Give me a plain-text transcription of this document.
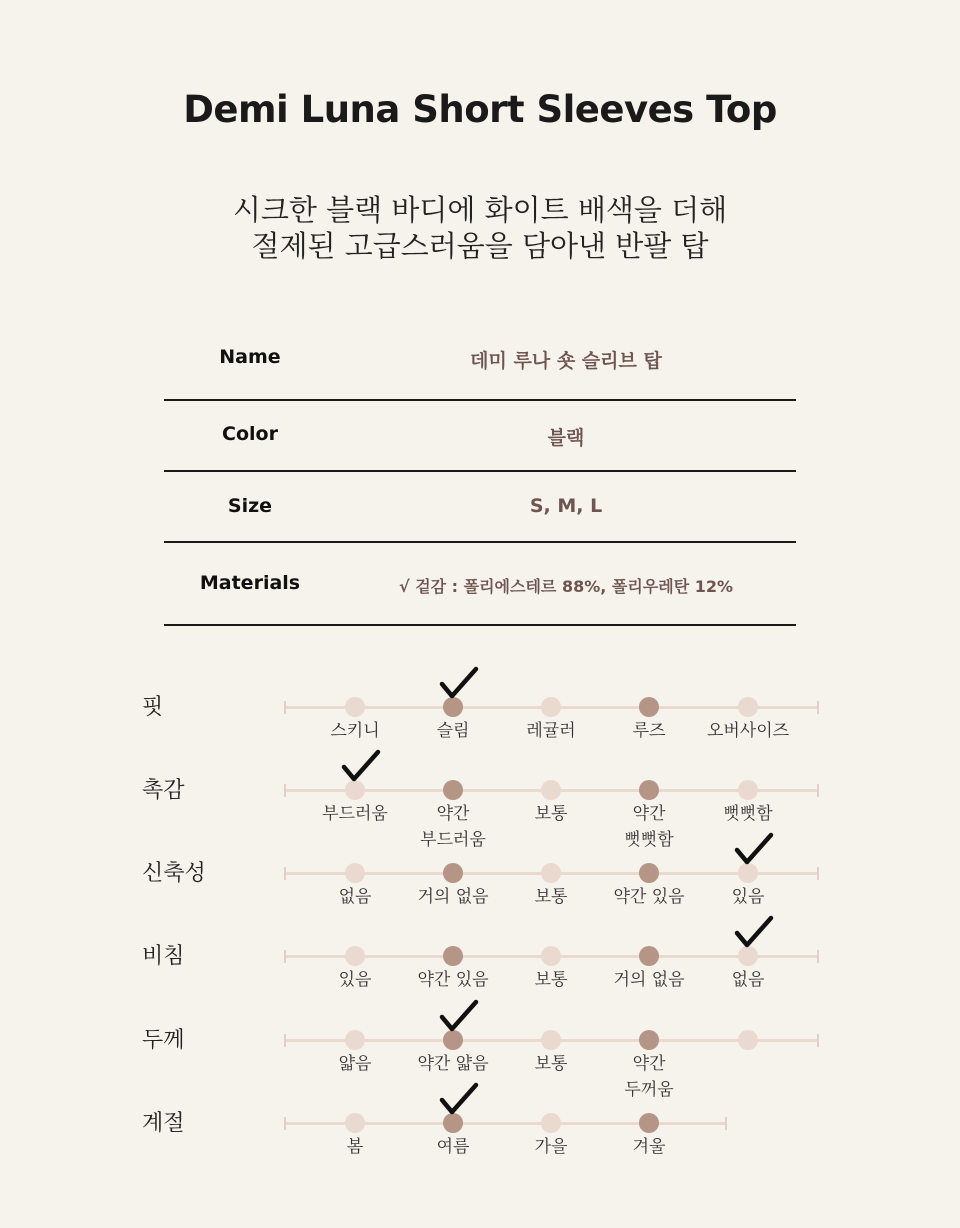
Demi Luna Short Sleeves Top
시크한 블랙 바디에 화이트 배색을 더해
절제된 고급스러움을 담아낸 반팔 탑
Name	데미 루나 숏 슬리브 탑
Color	블랙
Size	S, M, L
Materials	√ 겉감 : 폴리에스테르 88%, 폴리우레탄 12%
핏
스키니	슬림	레귤러	루즈	오버사이즈
촉감
부드러움	약간
부드러움
보통	약간
뻣뻣함
뻣뻣함
신축성
없음	거의 없음	보통	약간 있음	있음
비침
있음	약간 있음	보통	거의 없음	없음
두께
얇음	약간 얇음	보통	약간
두꺼움
계절
봄	여름	가을	겨울
